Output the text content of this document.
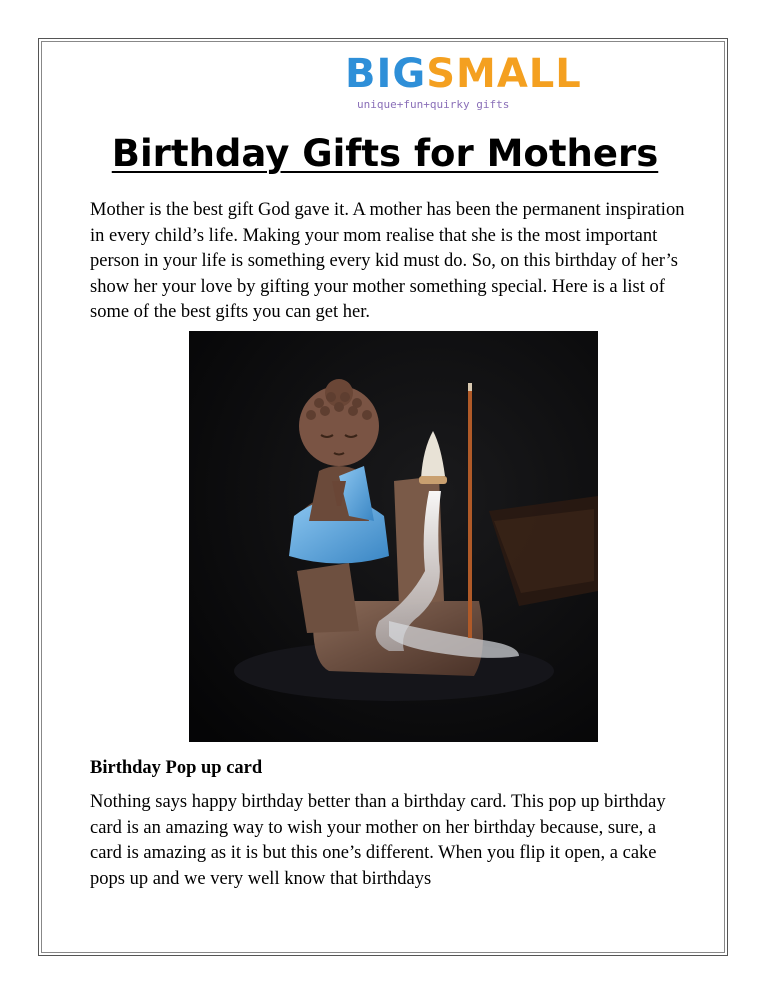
BIGSMALL
unique+fun+quirky gifts
Birthday Gifts for Mothers

Mother is the best gift God gave it. A mother has been the permanent inspiration in every child’s life. Making your mom realise that she is the most important person in your life is something every kid must do. So, on this birthday of her’s show her your love by gifting your mother something special. Here is a list of some of the best gifts you can get her.

Birthday Pop up card

Nothing says happy birthday better than a birthday card. This pop up birthday card is an amazing way to wish your mother on her birthday because, sure, a card is amazing as it is but this one’s different. When you flip it open, a cake pops up and we very well know that birthdays
